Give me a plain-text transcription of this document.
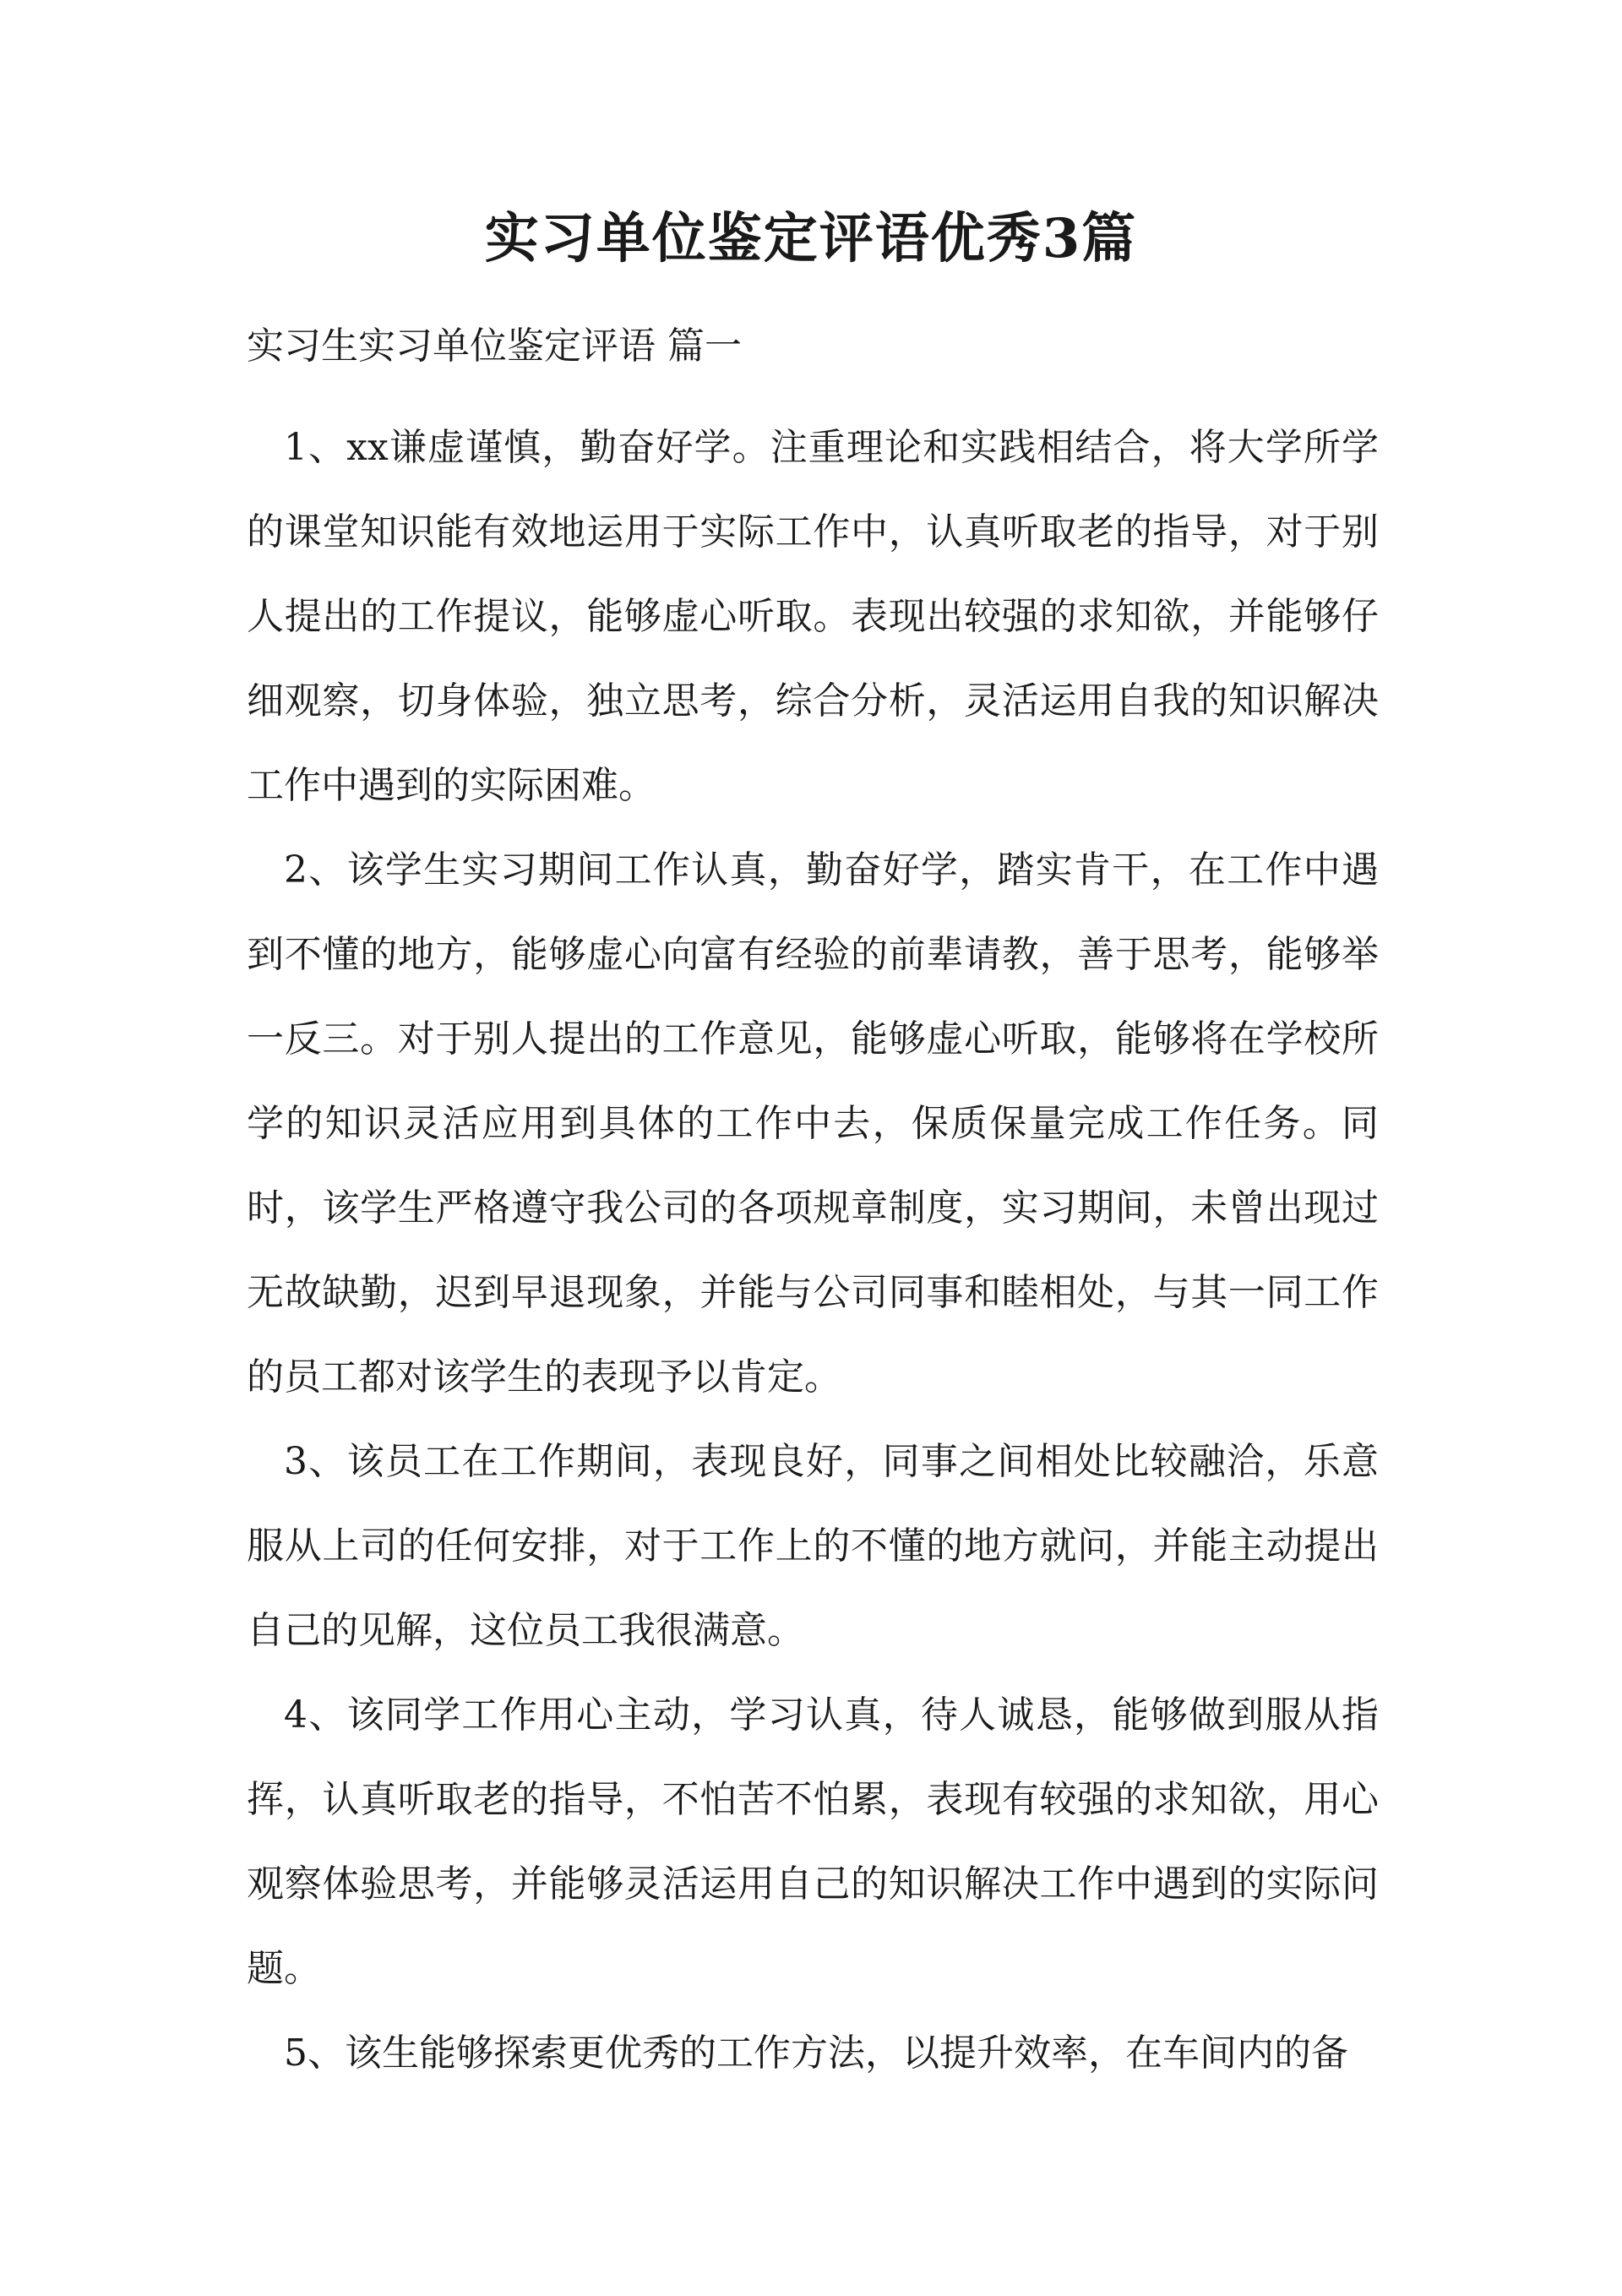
实习单位鉴定评语优秀3篇

实习生实习单位鉴定评语 篇一

1、xx谦虚谨慎，勤奋好学。注重理论和实践相结合，将大学所学的课堂知识能有效地运用于实际工作中，认真听取老的指导，对于别人提出的工作提议，能够虚心听取。表现出较强的求知欲，并能够仔细观察，切身体验，独立思考，综合分析，灵活运用自我的知识解决工作中遇到的实际困难。

2、该学生实习期间工作认真，勤奋好学，踏实肯干，在工作中遇到不懂的地方，能够虚心向富有经验的前辈请教，善于思考，能够举一反三。对于别人提出的工作意见，能够虚心听取，能够将在学校所学的知识灵活应用到具体的工作中去，保质保量完成工作任务。同时，该学生严格遵守我公司的各项规章制度，实习期间，未曾出现过无故缺勤，迟到早退现象，并能与公司同事和睦相处，与其一同工作的员工都对该学生的表现予以肯定。

3、该员工在工作期间，表现良好，同事之间相处比较融洽，乐意服从上司的任何安排，对于工作上的不懂的地方就问，并能主动提出自己的见解，这位员工我很满意。

4、该同学工作用心主动，学习认真，待人诚恳，能够做到服从指挥，认真听取老的指导，不怕苦不怕累，表现有较强的求知欲，用心观察体验思考，并能够灵活运用自己的知识解决工作中遇到的实际问题。

5、该生能够探索更优秀的工作方法，以提升效率，在车间内的备
